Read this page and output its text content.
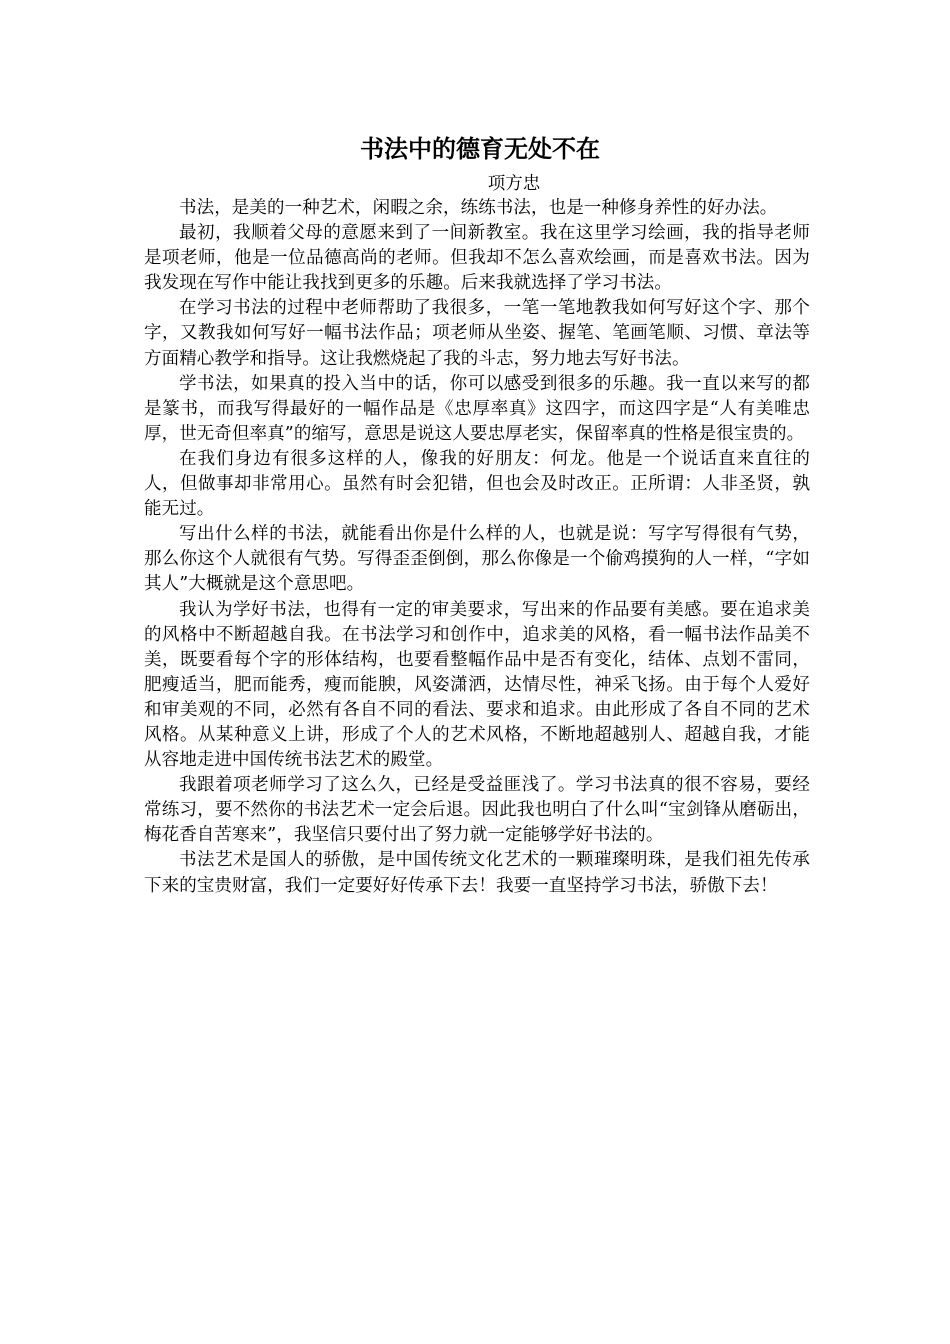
书法中的德育无处不在

项方忠

书法，是美的一种艺术，闲暇之余，练练书法，也是一种修身养性的好办法。

最初，我顺着父母的意愿来到了一间新教室。我在这里学习绘画，我的指导老师是项老师，他是一位品德高尚的老师。但我却不怎么喜欢绘画，而是喜欢书法。因为我发现在写作中能让我找到更多的乐趣。后来我就选择了学习书法。

在学习书法的过程中老师帮助了我很多，一笔一笔地教我如何写好这个字、那个字，又教我如何写好一幅书法作品；项老师从坐姿、握笔、笔画笔顺、习惯、章法等方面精心教学和指导。这让我燃烧起了我的斗志，努力地去写好书法。

学书法，如果真的投入当中的话，你可以感受到很多的乐趣。我一直以来写的都是篆书，而我写得最好的一幅作品是《忠厚率真》这四字，而这四字是“人有美唯忠厚，世无奇但率真”的缩写，意思是说这人要忠厚老实，保留率真的性格是很宝贵的。

在我们身边有很多这样的人，像我的好朋友：何龙。他是一个说话直来直往的人，但做事却非常用心。虽然有时会犯错，但也会及时改正。正所谓：人非圣贤，孰能无过。

写出什么样的书法，就能看出你是什么样的人，也就是说：写字写得很有气势，那么你这个人就很有气势。写得歪歪倒倒，那么你像是一个偷鸡摸狗的人一样，“字如其人”大概就是这个意思吧。

我认为学好书法，也得有一定的审美要求，写出来的作品要有美感。要在追求美的风格中不断超越自我。在书法学习和创作中，追求美的风格，看一幅书法作品美不美，既要看每个字的形体结构，也要看整幅作品中是否有变化，结体、点划不雷同，肥瘦适当，肥而能秀，瘦而能腴，风姿潇洒，达情尽性，神采飞扬。由于每个人爱好和审美观的不同，必然有各自不同的看法、要求和追求。由此形成了各自不同的艺术风格。从某种意义上讲，形成了个人的艺术风格，不断地超越别人、超越自我，才能从容地走进中国传统书法艺术的殿堂。

我跟着项老师学习了这么久，已经是受益匪浅了。学习书法真的很不容易，要经常练习，要不然你的书法艺术一定会后退。因此我也明白了什么叫“宝剑锋从磨砺出，梅花香自苦寒来”，我坚信只要付出了努力就一定能够学好书法的。

书法艺术是国人的骄傲，是中国传统文化艺术的一颗璀璨明珠，是我们祖先传承下来的宝贵财富，我们一定要好好传承下去！我要一直坚持学习书法，骄傲下去！
